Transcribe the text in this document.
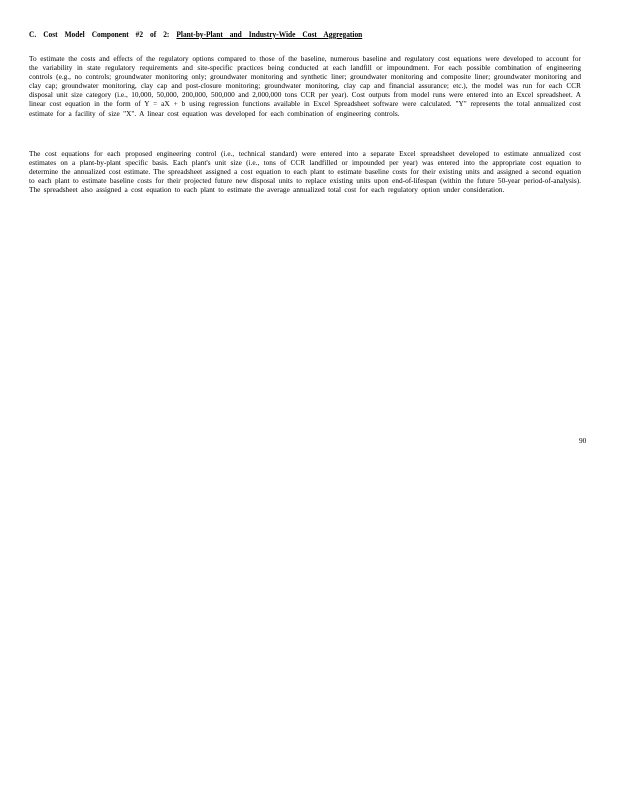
C. Cost Model Component #2 of 2: Plant-by-Plant and Industry-Wide Cost Aggregation

To estimate the costs and effects of the regulatory options compared to those of the baseline, numerous baseline and regulatory cost equations were developed to account for the variability in state regulatory requirements and site-specific practices being conducted at each landfill or impoundment. For each possible combination of engineering controls (e.g., no controls; groundwater monitoring only; groundwater monitoring and synthetic liner; groundwater monitoring and composite liner; groundwater monitoring and clay cap; groundwater monitoring, clay cap and post-closure monitoring; groundwater monitoring, clay cap and financial assurance; etc.), the model was run for each CCR disposal unit size category (i.e., 10,000, 50,000, 200,000, 500,000 and 2,000,000 tons CCR per year). Cost outputs from model runs were entered into an Excel spreadsheet. A linear cost equation in the form of Y = aX + b using regression functions available in Excel Spreadsheet software were calculated. "Y" represents the total annualized cost estimate for a facility of size "X". A linear cost equation was developed for each combination of engineering controls.

The cost equations for each proposed engineering control (i.e., technical standard) were entered into a separate Excel spreadsheet developed to estimate annualized cost estimates on a plant-by-plant specific basis. Each plant's unit size (i.e., tons of CCR landfilled or impounded per year) was entered into the appropriate cost equation to determine the annualized cost estimate. The spreadsheet assigned a cost equation to each plant to estimate baseline costs for their existing units and assigned a second equation to each plant to estimate baseline costs for their projected future new disposal units to replace existing units upon end-of-lifespan (within the future 50-year period-of-analysis). The spreadsheet also assigned a cost equation to each plant to estimate the average annualized total cost for each regulatory option under consideration.

90
